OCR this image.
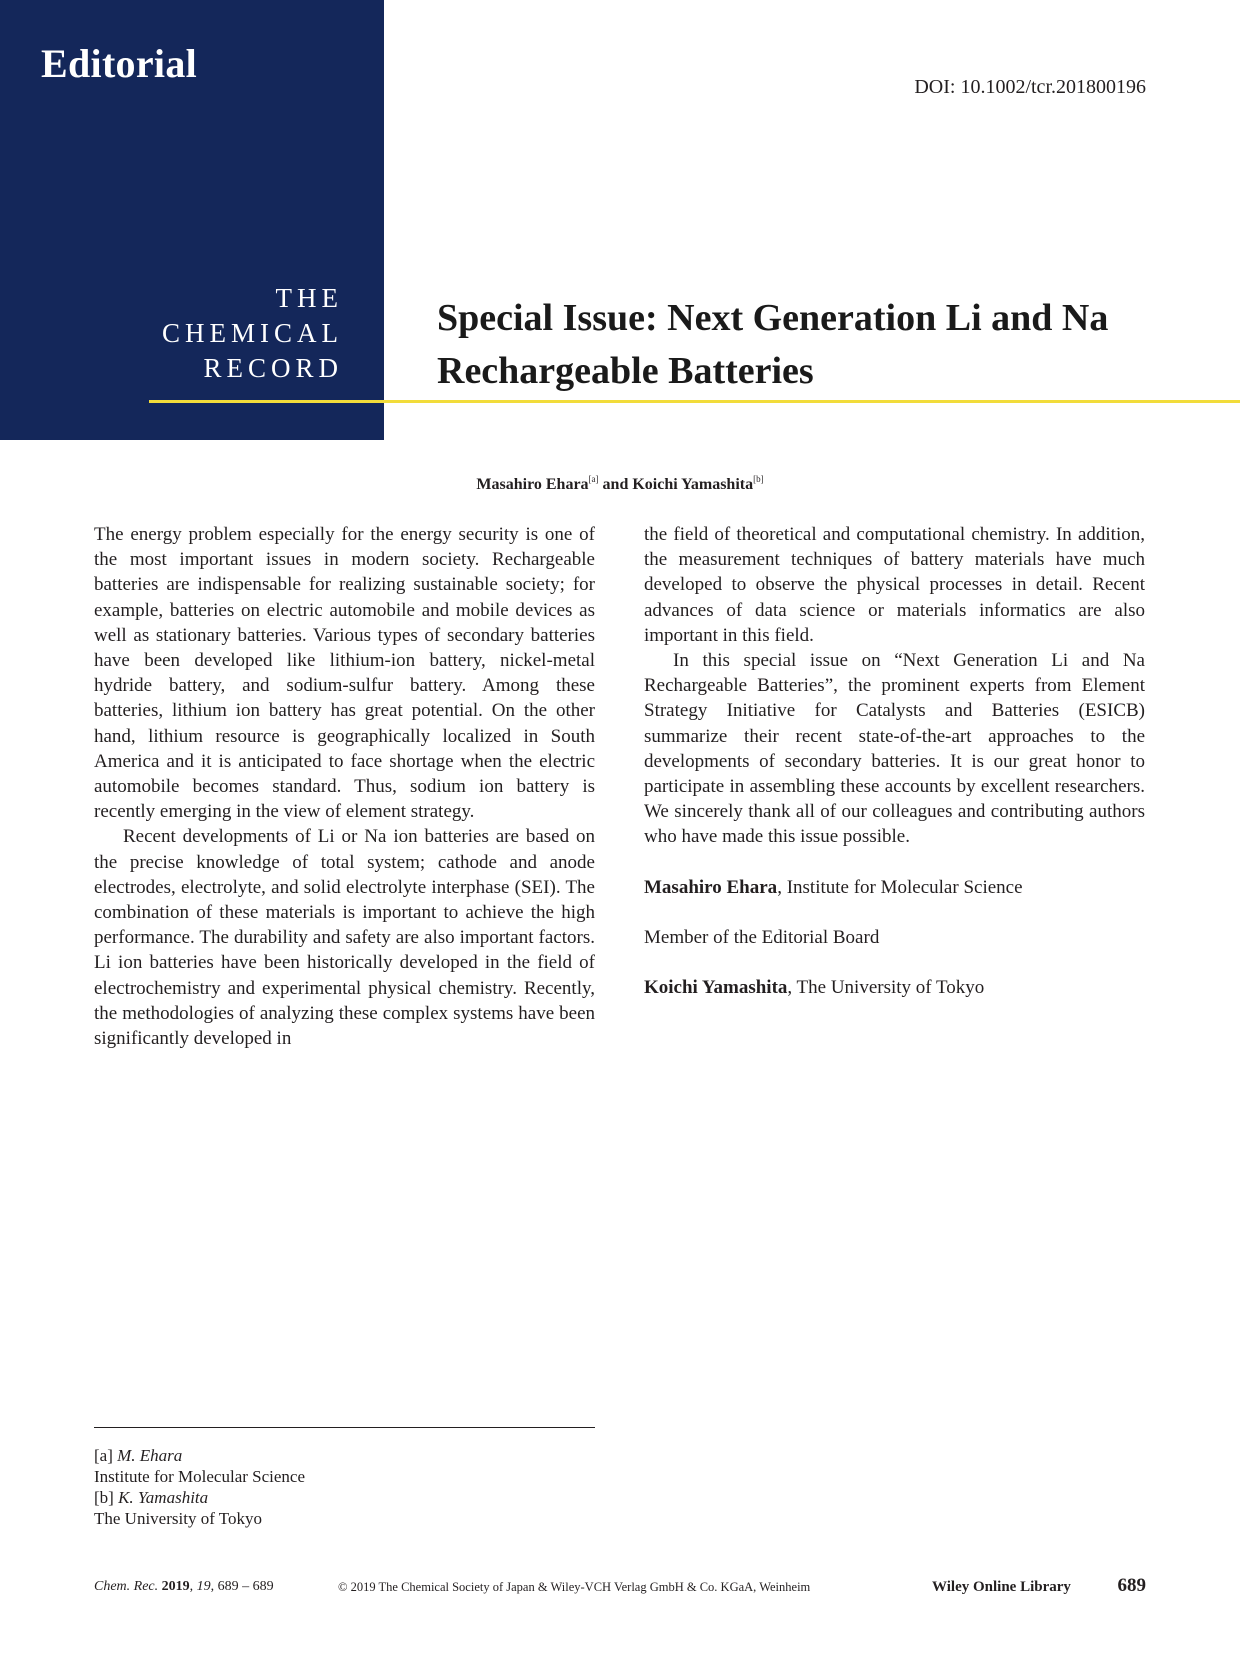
Editorial
THE
CHEMICAL
RECORD
DOI: 10.1002/tcr.201800196
Special Issue: Next Generation Li and Na Rechargeable Batteries
Masahiro Ehara[a] and Koichi Yamashita[b]

The energy problem especially for the energy security is one of the most important issues in modern society. Rechargeable batteries are indispensable for realizing sustainable society; for example, batteries on electric automobile and mobile devices as well as stationary batteries. Various types of secondary batteries have been developed like lithium-ion battery, nickel-metal hydride battery, and sodium-sulfur battery. Among these batteries, lithium ion battery has great potential. On the other hand, lithium resource is geographically localized in South America and it is anticipated to face shortage when the electric automobile becomes standard. Thus, sodium ion battery is recently emerging in the view of element strategy.

Recent developments of Li or Na ion batteries are based on the precise knowledge of total system; cathode and anode electrodes, electrolyte, and solid electrolyte interphase (SEI). The combination of these materials is important to achieve the high performance. The durability and safety are also important factors. Li ion batteries have been historically developed in the field of electrochemistry and experimental physical chemistry. Recently, the methodologies of analyzing these complex systems have been significantly developed in

the field of theoretical and computational chemistry. In addition, the measurement techniques of battery materials have much developed to observe the physical processes in detail. Recent advances of data science or materials informatics are also important in this field.

In this special issue on “Next Generation Li and Na Rechargeable Batteries”, the prominent experts from Element Strategy Initiative for Catalysts and Batteries (ESICB) summarize their recent state-of-the-art approaches to the developments of secondary batteries. It is our great honor to participate in assembling these accounts by excellent researchers. We sincerely thank all of our colleagues and contributing authors who have made this issue possible.

Masahiro Ehara, Institute for Molecular Science

Member of the Editorial Board

Koichi Yamashita, The University of Tokyo

[a] M. Ehara
Institute for Molecular Science
[b] K. Yamashita
The University of Tokyo
Chem. Rec. 2019, 19, 689 – 689	© 2019 The Chemical Society of Japan & Wiley-VCH Verlag GmbH & Co. KGaA, Weinheim	Wiley Online Library 689
